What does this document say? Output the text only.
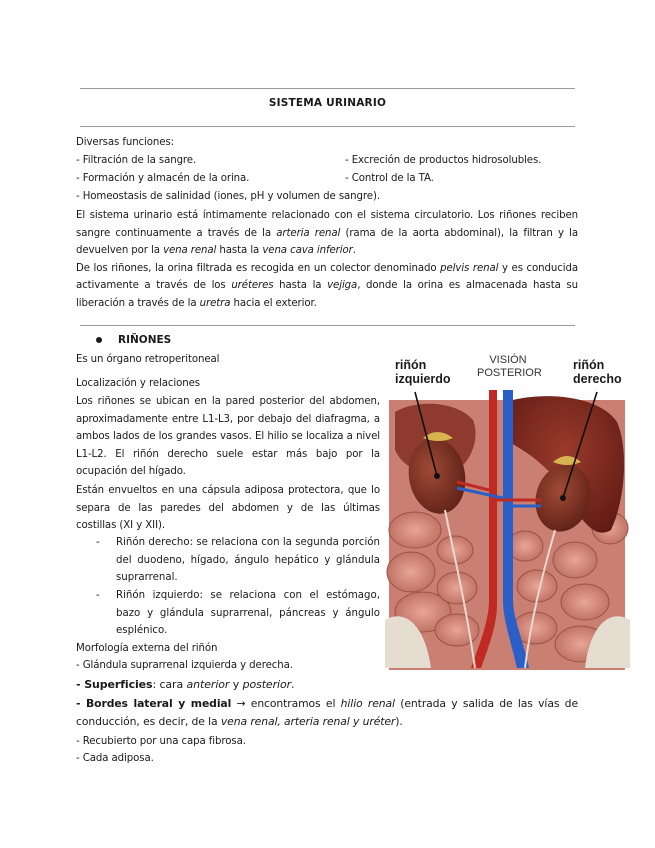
SISTEMA URINARIO
Diversas funciones:
- Filtración de la sangre.	- Excreción de productos hidrosolubles.
- Formación y almacén de la orina.	- Control de la TA.
- Homeostasis de salinidad (iones, pH y volumen de sangre).

El sistema urinario está íntimamente relacionado con el sistema circulatorio. Los riñones reciben sangre continuamente a través de la arteria renal (rama de la aorta abdominal), la filtran y la devuelven por la vena renal hasta la vena cava inferior.

De los riñones, la orina filtrada es recogida en un colector denominado pelvis renal y es conducida activamente a través de los uréteres hasta la vejiga, donde la orina es almacenada hasta su liberación a través de la uretra hacia el exterior.

RIÑONES
Es un órgano retroperitoneal
Localización y relaciones
Los riñones se ubican en la pared posterior del abdomen, aproximadamente entre L1-L3, por debajo del diafragma, a ambos lados de los grandes vasos. El hilio se localiza a nivel L1-L2. El riñón derecho suele estar más bajo por la ocupación del hígado.
Están envueltos en una cápsula adiposa protectora, que lo separa de las paredes del abdomen y de las últimas costillas (XI y XII).
- Riñón derecho: se relaciona con la segunda porción del duodeno, hígado, ángulo hepático y glándula suprarrenal.
- Riñón izquierdo: se relaciona con el estómago, bazo y glándula suprarrenal, páncreas y ángulo esplénico.
Morfología externa del riñón
- Glándula suprarrenal izquierda y derecha.
- Superficies: cara anterior y posterior.
- Bordes lateral y medial → encontramos el hilio renal (entrada y salida de las vías de conducción, es decir, de la vena renal, arteria renal y uréter).
- Recubierto por una capa fibrosa.
- Cada adiposa.
riñón izquierdo
VISIÓN POSTERIOR
riñón derecho
